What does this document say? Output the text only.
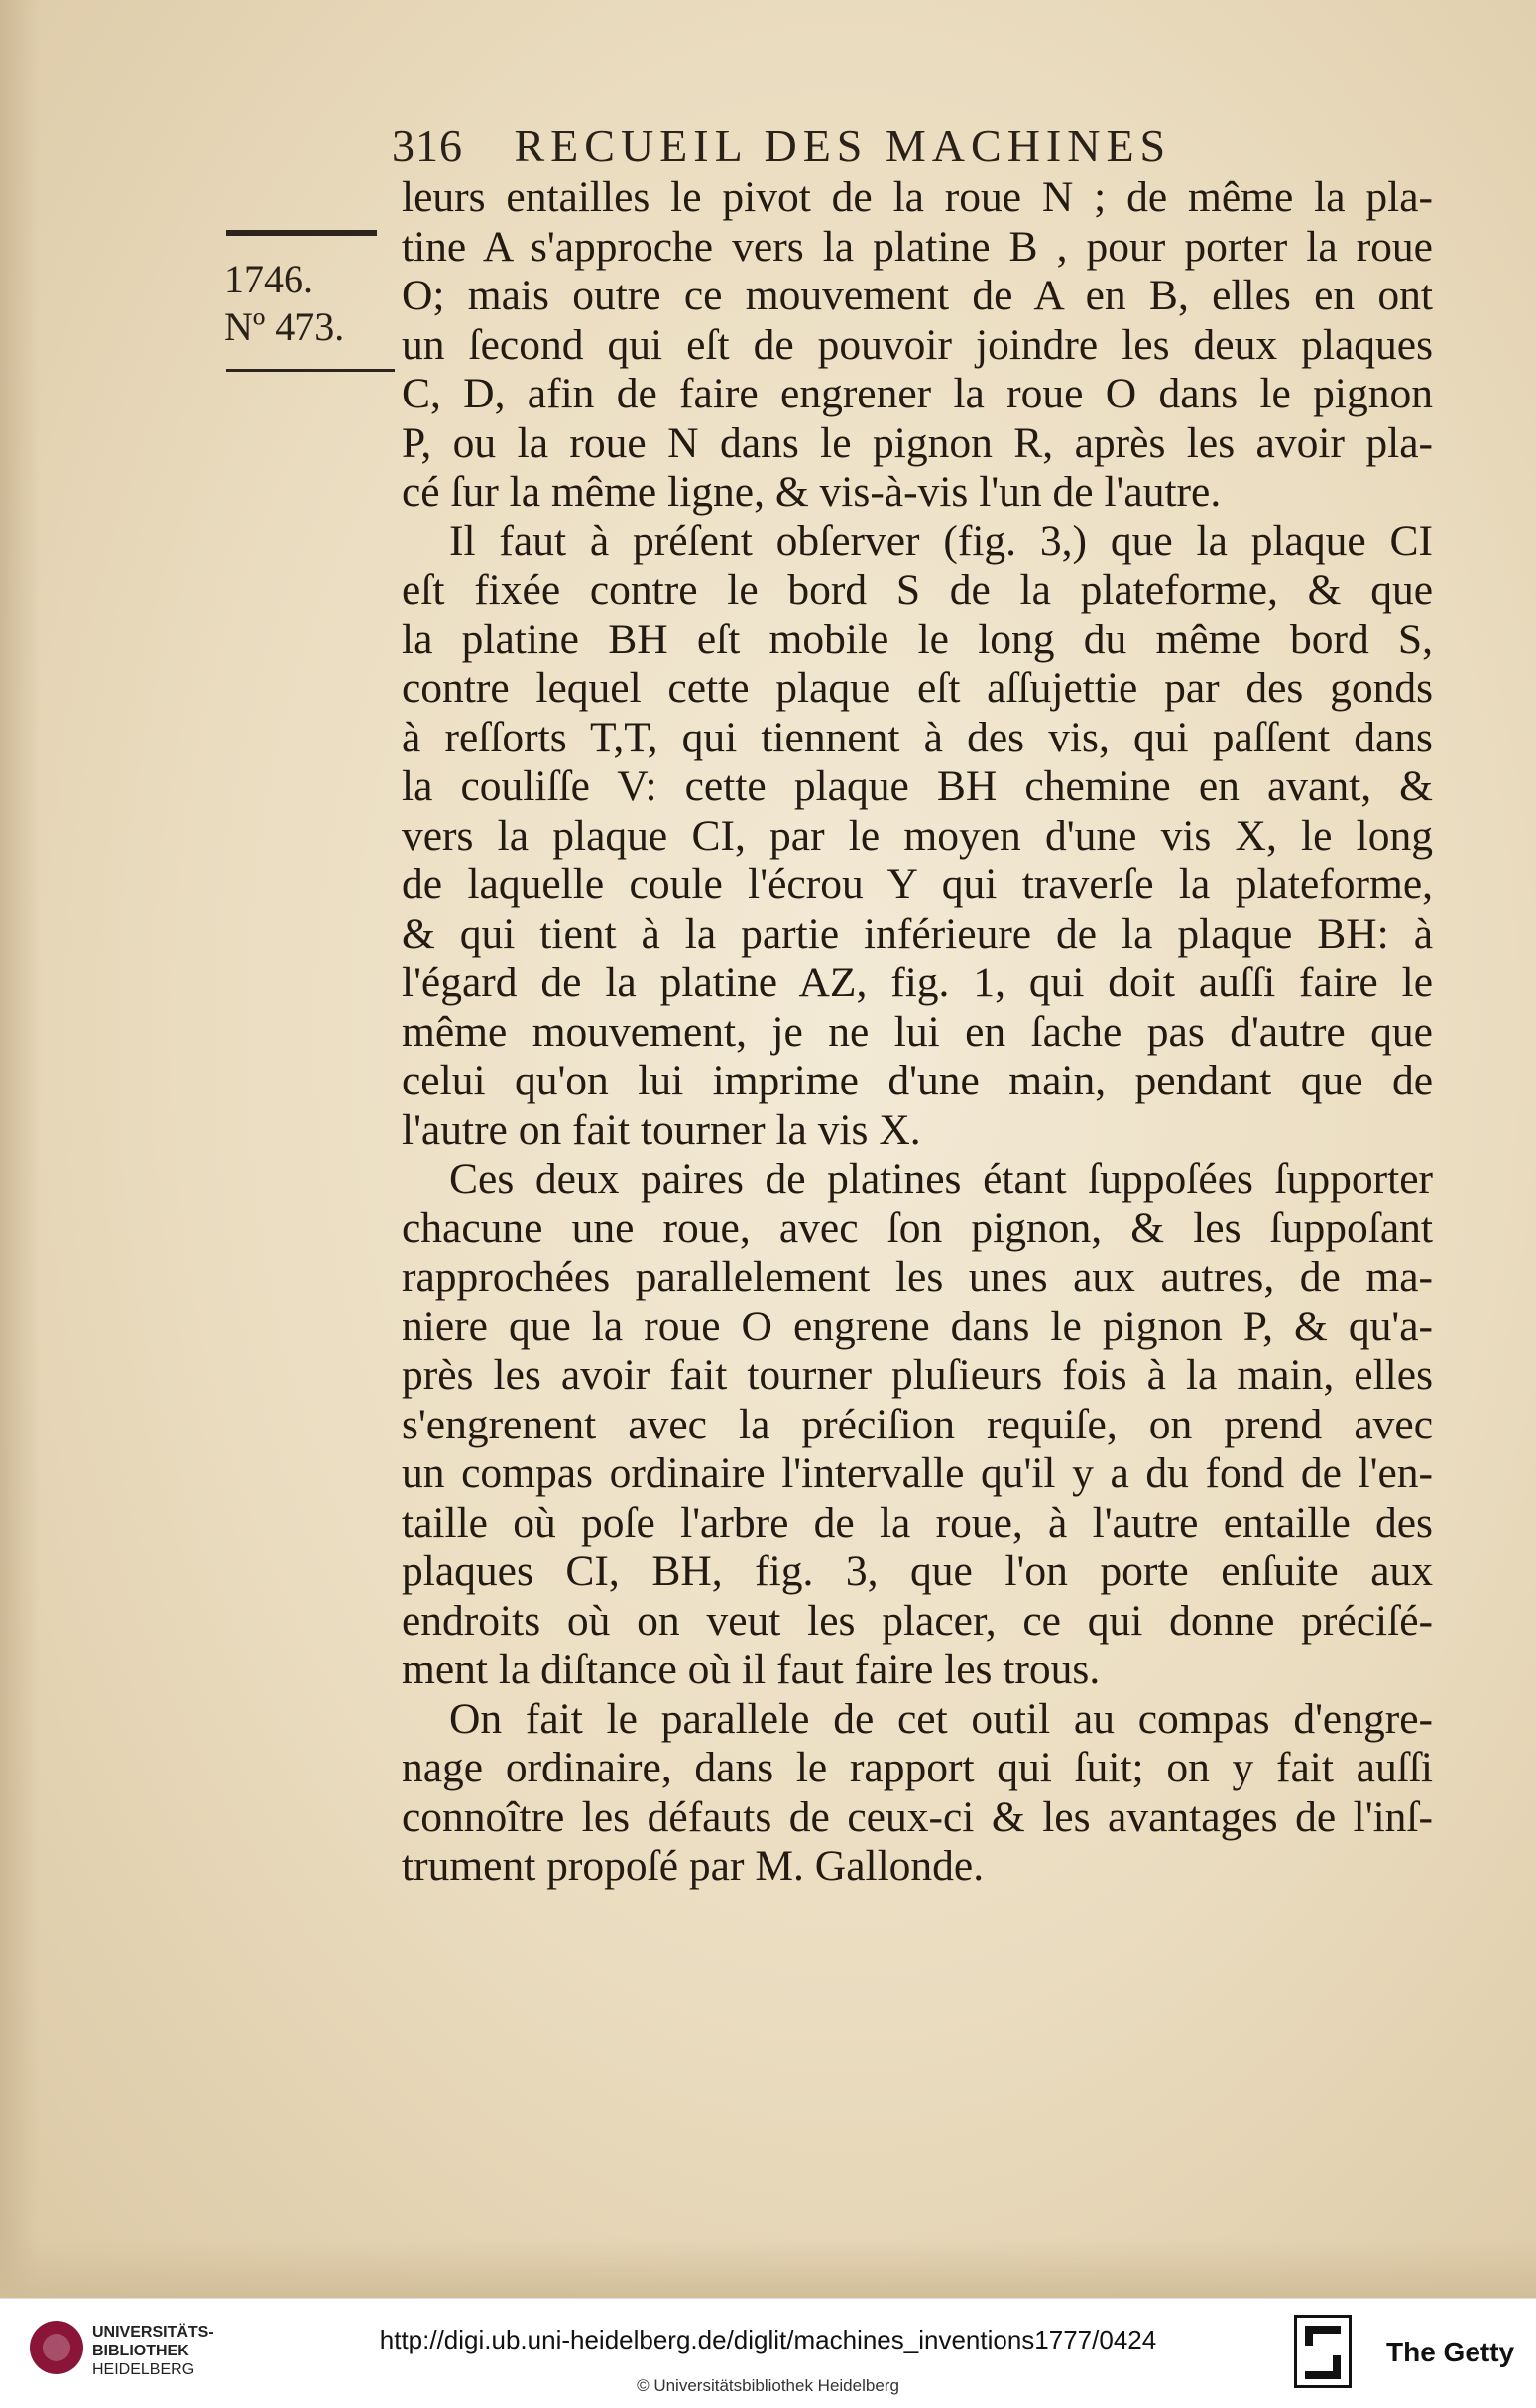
316 RECUEIL DES MACHINES
1746.
Nº 473.
leurs entailles le pivot de la roue N ; de même la pla-
tine A s'approche vers la platine B , pour porter la roue
O; mais outre ce mouvement de A en B, elles en ont
un ſecond qui eſt de pouvoir joindre les deux plaques
C, D, afin de faire engrener la roue O dans le pignon
P, ou la roue N dans le pignon R, après les avoir pla-
cé ſur la même ligne, & vis-à-vis l'un de l'autre.
Il faut à préſent obſerver (fig. 3,) que la plaque CI
eſt fixée contre le bord S de la plateforme, & que
la platine BH eſt mobile le long du même bord S,
contre lequel cette plaque eſt aſſujettie par des gonds
à reſſorts T,T, qui tiennent à des vis, qui paſſent dans
la couliſſe V: cette plaque BH chemine en avant, &
vers la plaque CI, par le moyen d'une vis X, le long
de laquelle coule l'écrou Y qui traverſe la plateforme,
& qui tient à la partie inférieure de la plaque BH: à
l'égard de la platine AZ, fig. 1, qui doit auſſi faire le
même mouvement, je ne lui en ſache pas d'autre que
celui qu'on lui imprime d'une main, pendant que de
l'autre on fait tourner la vis X.
Ces deux paires de platines étant ſuppoſées ſupporter
chacune une roue, avec ſon pignon, & les ſuppoſant
rapprochées parallelement les unes aux autres, de ma-
niere que la roue O engrene dans le pignon P, & qu'a-
près les avoir fait tourner pluſieurs fois à la main, elles
s'engrenent avec la préciſion requiſe, on prend avec
un compas ordinaire l'intervalle qu'il y a du fond de l'en-
taille où poſe l'arbre de la roue, à l'autre entaille des
plaques CI, BH, fig. 3, que l'on porte enſuite aux
endroits où on veut les placer, ce qui donne préciſé-
ment la diſtance où il faut faire les trous.
On fait le parallele de cet outil au compas d'engre-
nage ordinaire, dans le rapport qui ſuit; on y fait auſſi
connoître les défauts de ceux-ci & les avantages de l'inſ-
trument propoſé par M. Gallonde.
UNIVERSITÄTS-
BIBLIOTHEK
HEIDELBERG
http://digi.ub.uni-heidelberg.de/diglit/machines_inventions1777/0424
© Universitätsbibliothek Heidelberg
The Getty
